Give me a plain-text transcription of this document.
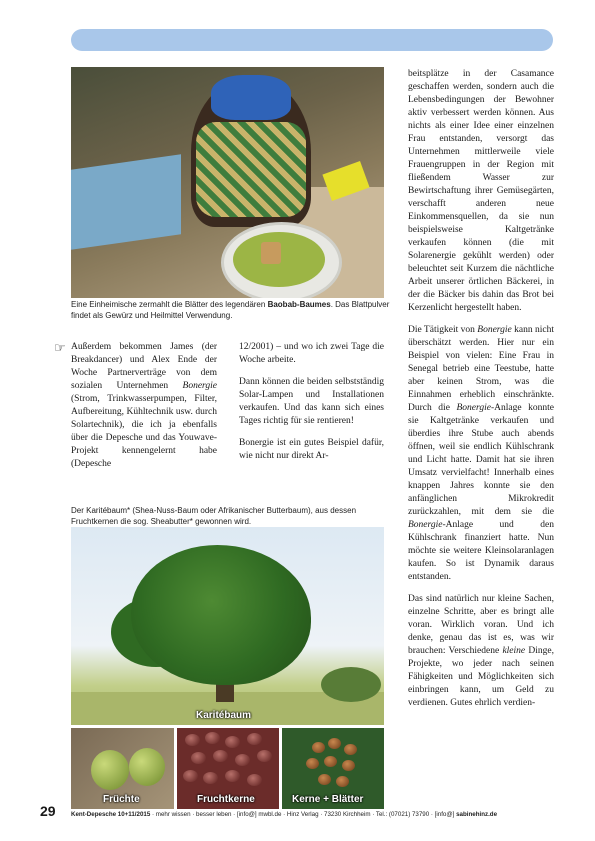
Eine Einheimische zermahlt die Blätter des legendären Baobab-Baumes. Das Blattpulver findet als Gewürz und Heilmittel Verwendung.
☞ Außerdem bekommen James (der Breakdancer) und Alex Ende der Woche Partnerverträge von dem sozialen Unternehmen Bonergie (Strom, Trinkwasserpumpen, Filter, Aufbereitung, Kühltechnik usw. durch Solartechnik), die ich ja ebenfalls über die Depesche und das Youwave-Projekt kennengelernt habe (Depesche

12/2001) – und wo ich zwei Tage die Woche arbeite.

Dann können die beiden selbstständig Solar-Lampen und Installationen verkaufen. Und das kann sich eines Tages richtig für sie rentieren!

Bonergie ist ein gutes Beispiel dafür, wie nicht nur direkt Ar-

Der Karitébaum* (Shea-Nuss-Baum oder Afrikanischer Butterbaum), aus dessen Fruchtkernen die sog. Sheabutter* gewonnen wird.
Karitébaum
Früchte	Fruchtkerne	Kerne + Blätter

beitsplätze in der Casamance geschaffen werden, sondern auch die Lebensbedingungen der Bewohner aktiv verbessert werden können. Aus nichts als einer Idee einer einzelnen Frau entstanden, versorgt das Unternehmen mittlerweile viele Frauengruppen in der Region mit fließendem Wasser zur Bewirtschaftung ihrer Gemüsegärten, verschafft anderen neue Einkommensquellen, da sie nun beispielsweise Kaltgetränke verkaufen können (die mit Solarenergie gekühlt werden) oder beleuchtet seit Kurzem die nächtliche Arbeit unserer örtlichen Bäckerei, in der die Bäcker bis dahin das Brot bei Kerzenlicht hergestellt haben.

Die Tätigkeit von Bonergie kann nicht überschätzt werden. Hier nur ein Beispiel von vielen: Eine Frau in Senegal betrieb eine Teestube, hatte aber keinen Strom, was die Einnahmen erheblich einschränkte. Durch die Bonergie-Anlage konnte sie Kaltgetränke verkaufen und überdies ihre Stube auch abends öffnen, weil sie endlich Kühlschrank und Licht hatte. Damit hat sie ihren Umsatz vervielfacht! Innerhalb eines knappen Jahres konnte sie den anfänglichen Mikrokredit zurückzahlen, mit dem sie die Bonergie-Anlage und den Kühlschrank finanziert hatte. Nun möchte sie weitere Kleinsolaranlagen kaufen. So ist Dynamik daraus entstanden.

Das sind natürlich nur kleine Sachen, einzelne Schritte, aber es bringt alle voran. Wirklich voran. Und ich denke, genau das ist es, was wir brauchen: Verschiedene kleine Dinge, Projekte, wo jeder nach seinen Fähigkeiten und Möglichkeiten sich einbringen kann, um Geld zu verdienen. Gutes ehrlich verdien-

29 Kent-Depesche 10+11/2015 · mehr wissen · besser leben · [info@] mwbl.de · Hinz Verlag · 73230 Kirchheim · Tel.: (07021) 73790 · [info@] sabinehinz.de
